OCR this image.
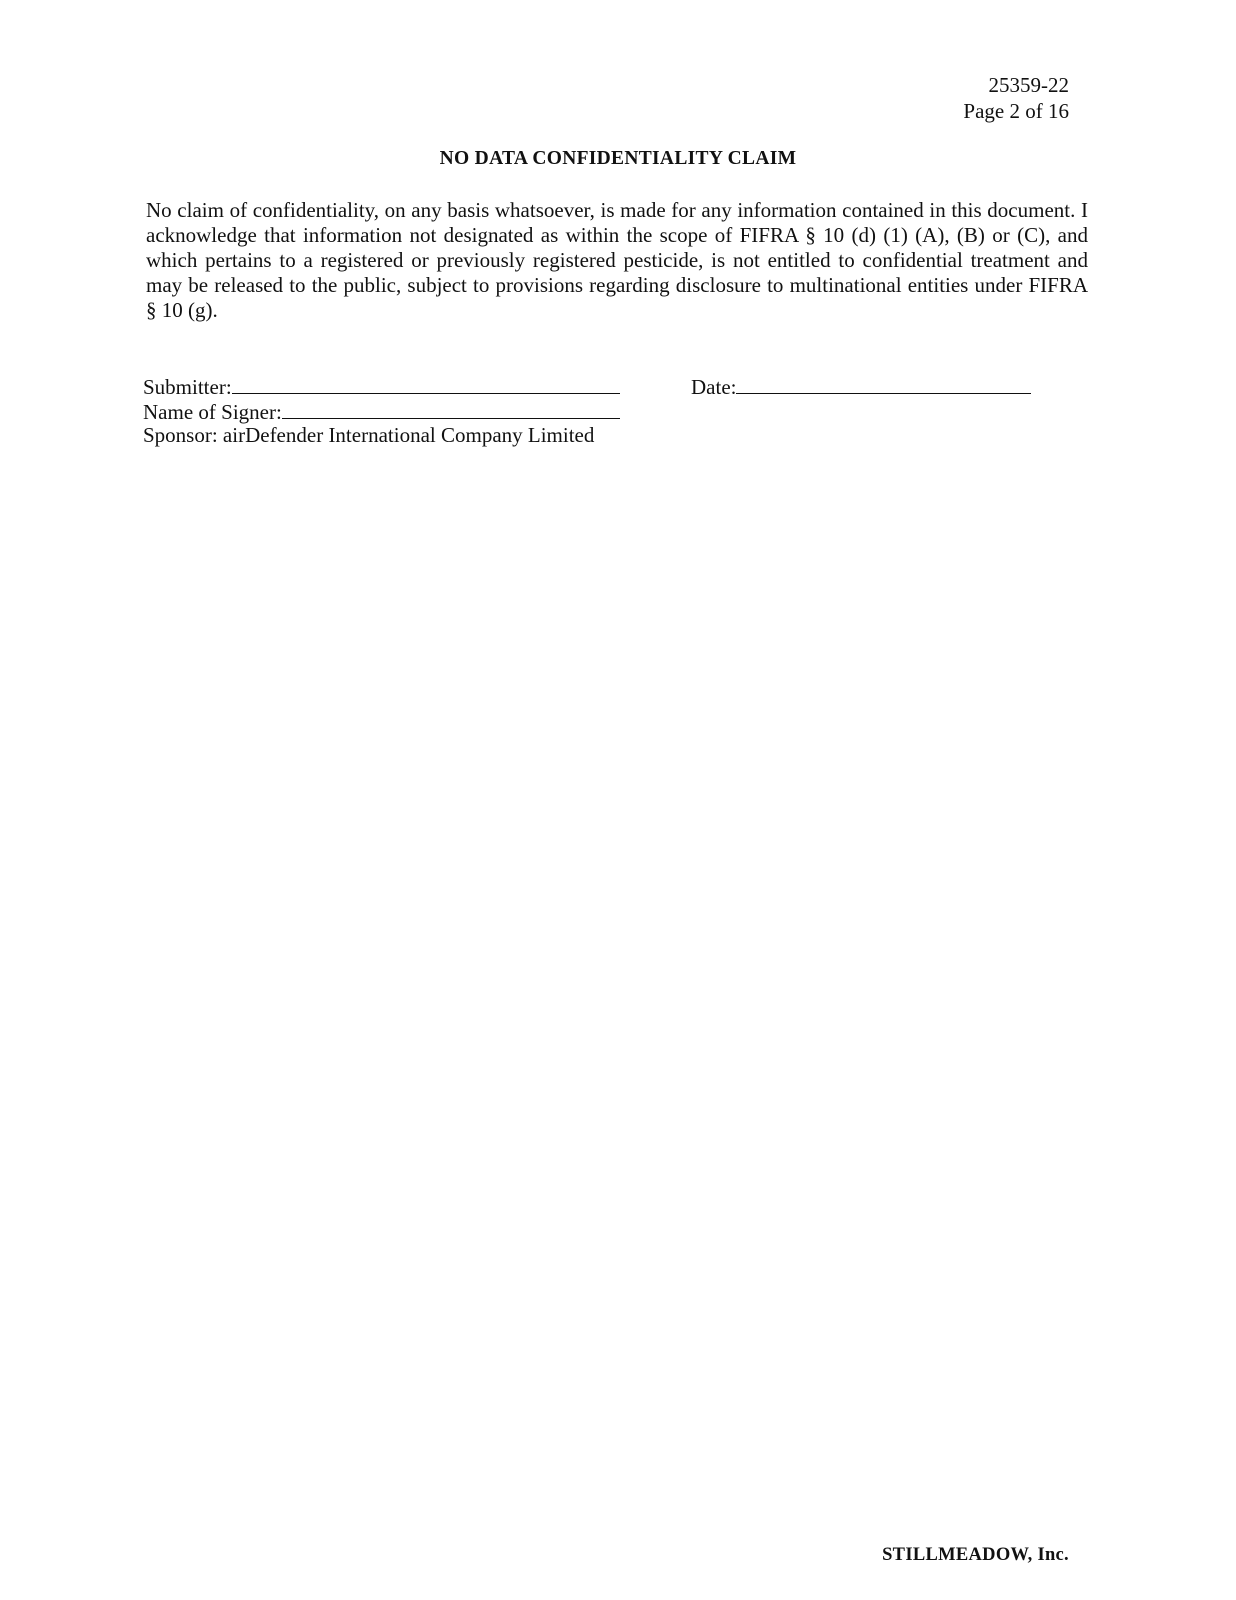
25359-22
Page 2 of 16
NO DATA CONFIDENTIALITY CLAIM
No claim of confidentiality, on any basis whatsoever, is made for any information contained in this document. I acknowledge that information not designated as within the scope of FIFRA § 10 (d) (1) (A), (B) or (C), and which pertains to a registered or previously registered pesticide, is not entitled to confidential treatment and may be released to the public, subject to provisions regarding disclosure to multinational entities under FIFRA § 10 (g).
Submitter:	Date:
Name of Signer:
Sponsor: airDefender International Company Limited
STILLMEADOW, Inc.
